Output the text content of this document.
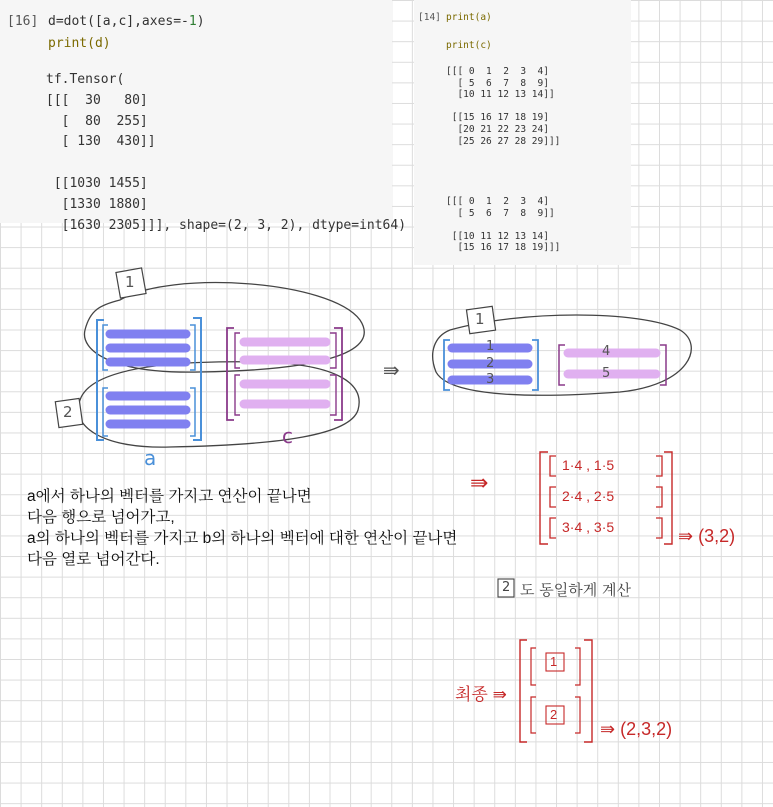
[16] d=dot([a,c],axes=-1)
print(d)
tf.Tensor(
[[[  30   80]
[  80  255]
[ 130  430]]

[[1030 1455]
[1330 1880]
[1630 2305]]], shape=(2, 3, 2), dtype=int64)
[14] print(a)
print(c)
[[[ 0  1  2  3  4]
[ 5  6  7  8  9]
[10 11 12 13 14]]

[[15 16 17 18 19]
[20 21 22 23 24]
[25 26 27 28 29]]]
[[[ 0  1  2  3  4]
[ 5  6  7  8  9]]

[[10 11 12 13 14]
[15 16 17 18 19]]]
1
2
a
c
⇛
1
1
2
3
4
5
a에서 하나의 벡터를 가지고 연산이 끝나면
다음 행으로 넘어가고,
a의 하나의 벡터를 가지고 b의 하나의 벡터에 대한 연산이 끝나면
다음 열로 넘어간다.
⇛
1·4 , 1·5
2·4 , 2·5
3·4 , 3·5	⇛ (3,2)
2 도 동일하게 계산
최종 ⇛
1
2
⇛ (2,3,2)
